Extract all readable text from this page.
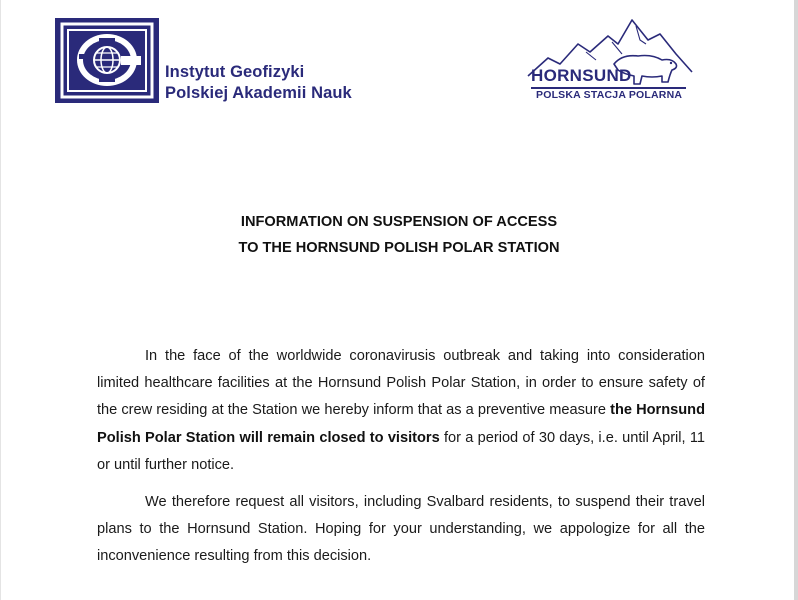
Instytut Geofizyki
Polskiej Akademii Nauk
HORNSUND
POLSKA STACJA POLARNA
INFORMATION ON SUSPENSION OF ACCESS
TO THE HORNSUND POLISH POLAR STATION

In the face of the worldwide coronavirusis outbreak and taking into consideration limited healthcare facilities at the Hornsund Polish Polar Station, in order to ensure safety of the crew residing at the Station we hereby inform that as a preventive measure the Hornsund Polish Polar Station will remain closed to visitors for a period of 30 days, i.e. until April, 11 or until further notice.

We therefore request all visitors, including Svalbard residents, to suspend their travel plans to the Hornsund Station. Hoping for your understanding, we appologize for all the inconvenience resulting from this decision.
